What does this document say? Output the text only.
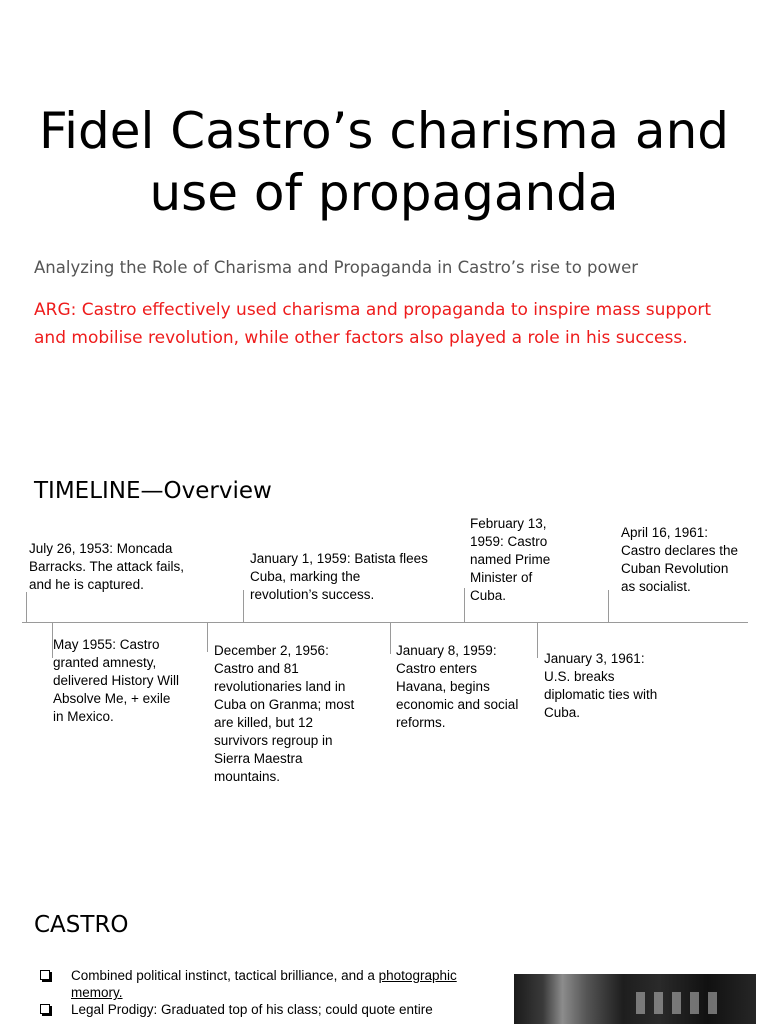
Fidel Castro’s charisma and
use of propaganda

Analyzing the Role of Charisma and Propaganda in Castro’s rise to power

ARG: Castro effectively used charisma and propaganda to inspire mass support and mobilise revolution, while other factors also played a role in his success.

TIMELINE—Overview

July 26, 1953: Moncada Barracks. The attack fails, and he is captured.

January 1, 1959: Batista flees Cuba, marking the revolution’s success.

February 13, 1959: Castro named Prime Minister of Cuba.

April 16, 1961: Castro declares the Cuban Revolution as socialist.

May 1955: Castro granted amnesty, delivered History Will Absolve Me, + exile in Mexico.

December 2, 1956: Castro and 81 revolutionaries land in Cuba on Granma; most are killed, but 12 survivors regroup in Sierra Maestra mountains.

January 8, 1959: Castro enters Havana, begins economic and social reforms.

January 3, 1961: U.S. breaks diplomatic ties with Cuba.

CASTRO
Combined political instinct, tactical brilliance, and a photographic memory.
Legal Prodigy: Graduated top of his class; could quote entire
